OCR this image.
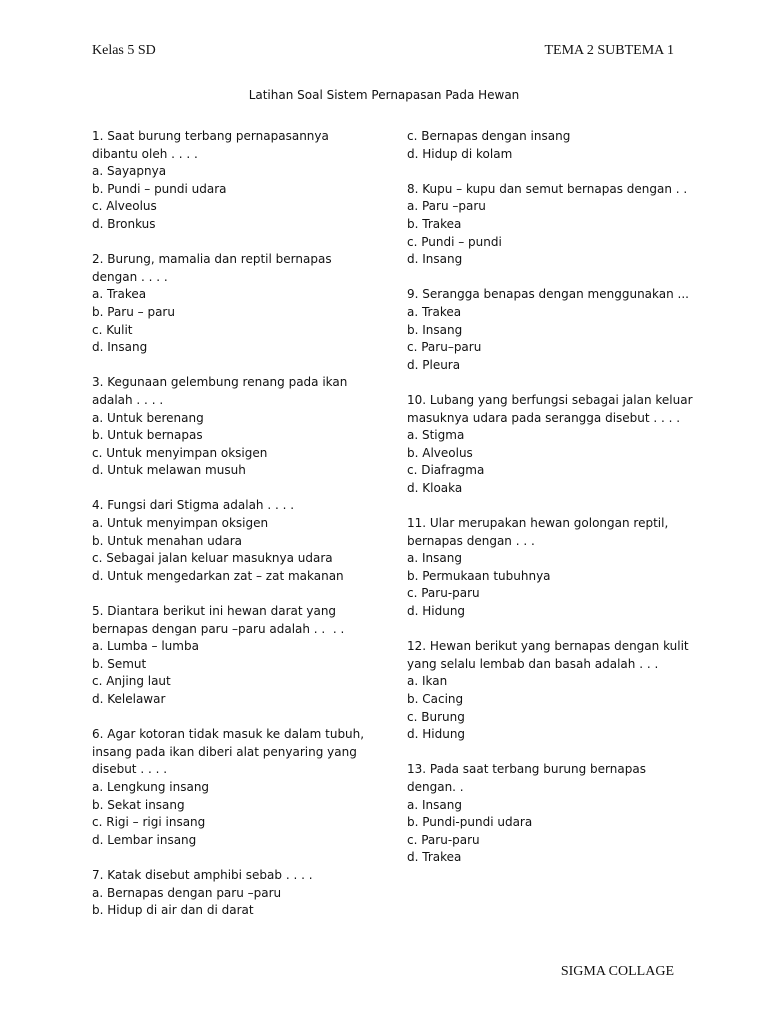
Kelas 5 SD	TEMA 2 SUBTEMA 1
Latihan Soal Sistem Pernapasan Pada Hewan
1. Saat burung terbang pernapasannya
dibantu oleh . . . .
a. Sayapnya
b. Pundi – pundi udara
c. Alveolus
d. Bronkus
2. Burung, mamalia dan reptil bernapas
dengan . . . .
a. Trakea
b. Paru – paru
c. Kulit
d. Insang
3. Kegunaan gelembung renang pada ikan
adalah . . . .
a. Untuk berenang
b. Untuk bernapas
c. Untuk menyimpan oksigen
d. Untuk melawan musuh
4. Fungsi dari Stigma adalah . . . .
a. Untuk menyimpan oksigen
b. Untuk menahan udara
c. Sebagai jalan keluar masuknya udara
d. Untuk mengedarkan zat – zat makanan
5. Diantara berikut ini hewan darat yang
bernapas dengan paru –paru adalah . .  . .
a. Lumba – lumba
b. Semut
c. Anjing laut
d. Kelelawar
6. Agar kotoran tidak masuk ke dalam tubuh,
insang pada ikan diberi alat penyaring yang
disebut . . . .
a. Lengkung insang
b. Sekat insang
c. Rigi – rigi insang
d. Lembar insang
7. Katak disebut amphibi sebab . . . .
a. Bernapas dengan paru –paru
b. Hidup di air dan di darat
c. Bernapas dengan insang
d. Hidup di kolam
8. Kupu – kupu dan semut bernapas dengan . .
a. Paru –paru
b. Trakea
c. Pundi – pundi
d. Insang
9. Serangga benapas dengan menggunakan ...
a. Trakea
b. Insang
c. Paru–paru
d. Pleura
10. Lubang yang berfungsi sebagai jalan keluar
masuknya udara pada serangga disebut . . . .
a. Stigma
b. Alveolus
c. Diafragma
d. Kloaka
11. Ular merupakan hewan golongan reptil,
bernapas dengan . . .
a. Insang
b. Permukaan tubuhnya
c. Paru-paru
d. Hidung
12. Hewan berikut yang bernapas dengan kulit
yang selalu lembab dan basah adalah . . .
a. Ikan
b. Cacing
c. Burung
d. Hidung
13. Pada saat terbang burung bernapas
dengan. .
a. Insang
b. Pundi-pundi udara
c. Paru-paru
d. Trakea
SIGMA COLLAGE
